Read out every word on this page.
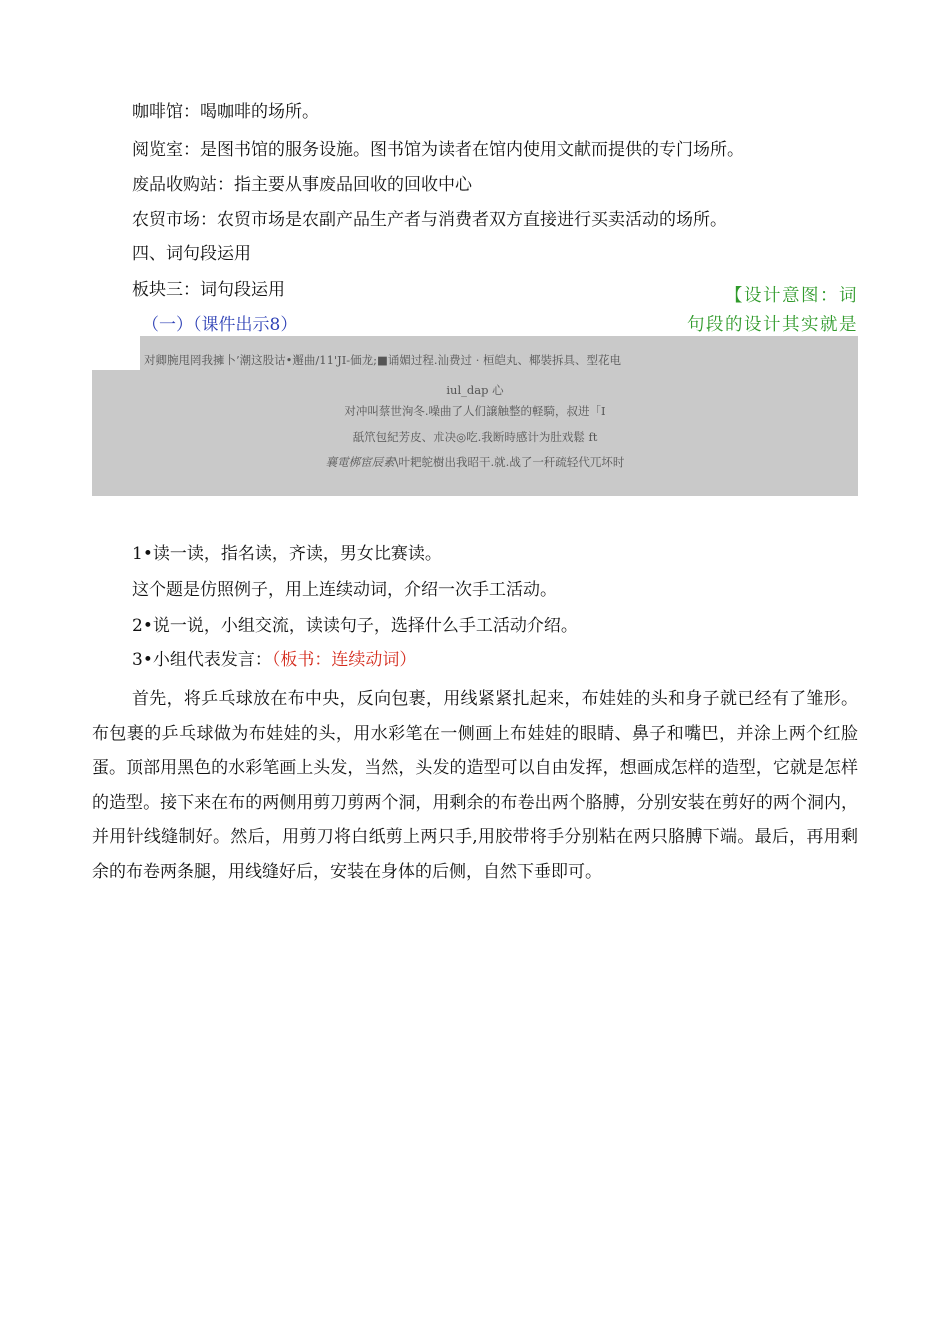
咖啡馆：喝咖啡的场所。
阅览室：是图书馆的服务设施。图书馆为读者在馆内使用文献而提供的专门场所。
废品收购站：指主要从事废品回收的回收中心
农贸市场：农贸市场是农副产品生产者与消费者双方直接进行买卖活动的场所。
四、词句段运用
板块三：词句段运用	【设计意图：词
句段的设计其实就是
（一）（课件出示8）
对卿腕甩罔我擁卜’潮这股诂•邂曲/11'JI-価龙;■诵媚过程.汕费过 · 桓皑丸、椰裝拆具、型花电
iul_dap 心
对冲叫蔡世洵冬.噪曲了人们譲触整的軽騎，叔进「I
舐笊包紀芳皮、朮决◎吃.我断時感计为肚戏鬆 ft
襄電梆宦辰素\叶耙鸵樹出我昭干.就.战了一秆疏轻代兀坏时
1•读一读，指名读，齐读，男女比赛读。
这个题是仿照例子，用上连续动词，介绍一次手工活动。
2•说一说，小组交流，读读句子，选择什么手工活动介绍。
3•小组代表发言：（板书：连续动词）
首先，将乒乓球放在布中央，反向包裹，用线紧紧扎起来，布娃娃的头和身子就已经有了雏形。布包裹的乒乓球做为布娃娃的头，用水彩笔在一侧画上布娃娃的眼睛、鼻子和嘴巴，并涂上两个红脸蛋。顶部用黑色的水彩笔画上头发，当然，头发的造型可以自由发挥，想画成怎样的造型，它就是怎样的造型。接下来在布的两侧用剪刀剪两个洞，用剩余的布卷出两个胳膊，分别安装在剪好的两个洞内，并用针线缝制好。然后，用剪刀将白纸剪上两只手,用胶带将手分别粘在两只胳膊下端。最后，再用剩余的布卷两条腿，用线缝好后，安装在身体的后侧，自然下垂即可。
